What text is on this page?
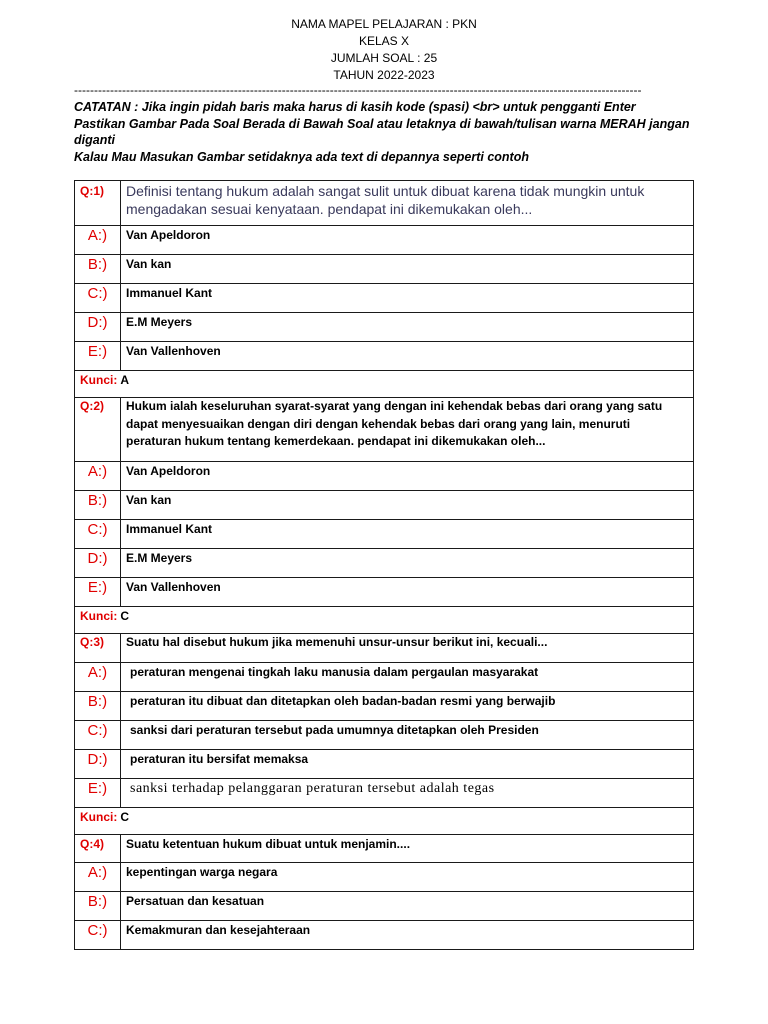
NAMA MAPEL PELAJARAN : PKN
KELAS X
JUMLAH SOAL : 25
TAHUN 2022-2023
----------------------------------------------------------------------------------------------------------------------------------------------
CATATAN : Jika ingin pidah baris maka harus di kasih kode (spasi) <br> untuk pengganti Enter
Pastikan Gambar Pada Soal Berada di Bawah Soal atau letaknya di bawah/tulisan warna MERAH jangan diganti
Kalau Mau Masukan Gambar setidaknya ada text di depannya seperti contoh
Q:1)	Definisi tentang hukum adalah sangat sulit untuk dibuat karena tidak mungkin untuk mengadakan sesuai kenyataan. pendapat ini dikemukakan oleh...
A:)	Van Apeldoron
B:)	Van kan
C:)	Immanuel Kant
D:)	E.M Meyers
E:)	Van Vallenhoven
Kunci: A
Q:2)	Hukum ialah keseluruhan syarat-syarat yang dengan ini kehendak bebas dari orang yang satu dapat menyesuaikan dengan diri dengan kehendak bebas dari orang yang lain, menuruti peraturan hukum tentang kemerdekaan. pendapat ini dikemukakan oleh...
A:)	Van Apeldoron
B:)	Van kan
C:)	Immanuel Kant
D:)	E.M Meyers
E:)	Van Vallenhoven
Kunci: C
Q:3)	Suatu hal disebut hukum jika memenuhi unsur-unsur berikut ini, kecuali...
A:)	peraturan mengenai tingkah laku manusia dalam pergaulan masyarakat
B:)	peraturan itu dibuat dan ditetapkan oleh badan-badan resmi yang berwajib
C:)	sanksi dari peraturan tersebut pada umumnya ditetapkan oleh Presiden
D:)	peraturan itu bersifat memaksa
E:)	sanksi terhadap pelanggaran peraturan tersebut adalah tegas
Kunci: C
Q:4)	Suatu ketentuan hukum dibuat untuk menjamin....
A:)	kepentingan warga negara
B:)	Persatuan dan kesatuan
C:)	Kemakmuran dan kesejahteraan
